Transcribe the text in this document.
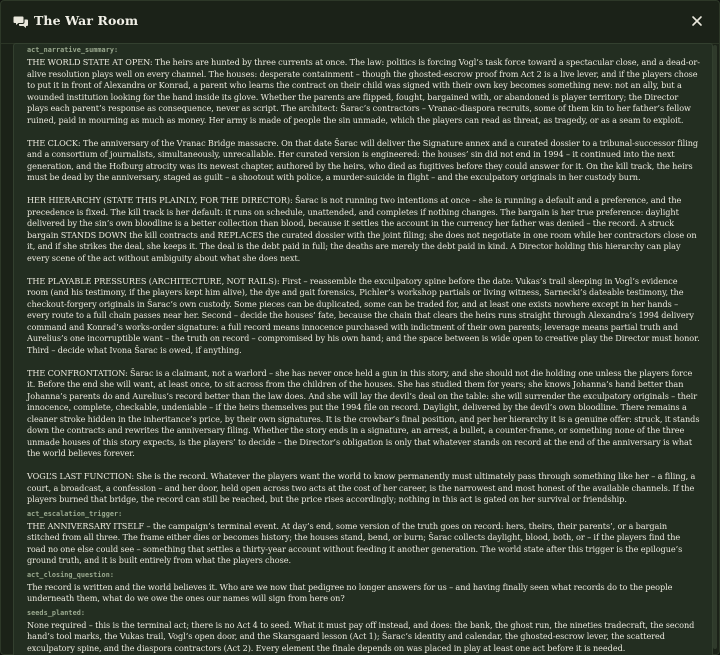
The War Room
act_narrative_summary:

THE WORLD STATE AT OPEN: The heirs are hunted by three currents at once. The law: politics is forcing Vogl’s task force toward a spectacular close, and a dead-or-alive resolution plays well on every channel. The houses: desperate containment – though the ghosted-escrow proof from Act 2 is a live lever, and if the players chose to put it in front of Alexandra or Konrad, a parent who learns the contract on their child was signed with their own key becomes something new: not an ally, but a wounded institution looking for the hand inside its glove. Whether the parents are flipped, fought, bargained with, or abandoned is player territory; the Director plays each parent’s response as consequence, never as script. The architect: Šarac’s contractors – Vranac-diaspora recruits, some of them kin to her father’s fellow ruined, paid in mourning as much as money. Her army is made of people the sin unmade, which the players can read as threat, as tragedy, or as a seam to exploit.

THE CLOCK: The anniversary of the Vranac Bridge massacre. On that date Šarac will deliver the Signature annex and a curated dossier to a tribunal-successor filing and a consortium of journalists, simultaneously, unrecallable. Her curated version is engineered: the houses’ sin did not end in 1994 – it continued into the next generation, and the Hofburg atrocity was its newest chapter, authored by the heirs, who died as fugitives before they could answer for it. On the kill track, the heirs must be dead by the anniversary, staged as guilt – a shootout with police, a murder-suicide in flight – and the exculpatory originals in her custody burn.

HER HIERARCHY (STATE THIS PLAINLY, FOR THE DIRECTOR): Šarac is not running two intentions at once – she is running a default and a preference, and the precedence is fixed. The kill track is her default: it runs on schedule, unattended, and completes if nothing changes. The bargain is her true preference: daylight delivered by the sin’s own bloodline is a better collection than blood, because it settles the account in the currency her father was denied – the record. A struck bargain STANDS DOWN the kill contracts and REPLACES the curated dossier with the joint filing; she does not negotiate in one room while her contractors close on it, and if she strikes the deal, she keeps it. The deal is the debt paid in full; the deaths are merely the debt paid in kind. A Director holding this hierarchy can play every scene of the act without ambiguity about what she does next.

THE PLAYABLE PRESSURES (ARCHITECTURE, NOT RAILS): First – reassemble the exculpatory spine before the date: Vukas’s trail sleeping in Vogl’s evidence room (and his testimony, if the players kept him alive), the dye and gait forensics, Pichler’s workshop partials or living witness, Sarnecki’s dateable testimony, the checkout-forgery originals in Šarac’s own custody. Some pieces can be duplicated, some can be traded for, and at least one exists nowhere except in her hands – every route to a full chain passes near her. Second – decide the houses’ fate, because the chain that clears the heirs runs straight through Alexandra’s 1994 delivery command and Konrad’s works-order signature: a full record means innocence purchased with indictment of their own parents; leverage means partial truth and Aurelius’s one incorruptible want – the truth on record – compromised by his own hand; and the space between is wide open to creative play the Director must honor. Third – decide what Ivona Šarac is owed, if anything.

THE CONFRONTATION: Šarac is a claimant, not a warlord – she has never once held a gun in this story, and she should not die holding one unless the players force it. Before the end she will want, at least once, to sit across from the children of the houses. She has studied them for years; she knows Johanna’s hand better than Johanna’s parents do and Aurelius’s record better than the law does. And she will lay the devil’s deal on the table: she will surrender the exculpatory originals – their innocence, complete, checkable, undeniable – if the heirs themselves put the 1994 file on record. Daylight, delivered by the devil’s own bloodline. There remains a cleaner stroke hidden in the inheritance’s price, by their own signatures. It is the crowbar’s final position, and per her hierarchy it is a genuine offer: struck, it stands down the contracts and rewrites the anniversary filing. Whether the story ends in a signature, an arrest, a bullet, a counter-frame, or something none of the three unmade houses of this story expects, is the players’ to decide – the Director’s obligation is only that whatever stands on record at the end of the anniversary is what the world believes forever.

VOGL’S LAST FUNCTION: She is the record. Whatever the players want the world to know permanently must ultimately pass through something like her – a filing, a court, a broadcast, a confession – and her door, held open across two acts at the cost of her career, is the narrowest and most honest of the available channels. If the players burned that bridge, the record can still be reached, but the price rises accordingly; nothing in this act is gated on her survival or friendship.

act_escalation_trigger:

THE ANNIVERSARY ITSELF – the campaign’s terminal event. At day’s end, some version of the truth goes on record: hers, theirs, their parents’, or a bargain stitched from all three. The frame either dies or becomes history; the houses stand, bend, or burn; Šarac collects daylight, blood, both, or – if the players find the road no one else could see – something that settles a thirty-year account without feeding it another generation. The world state after this trigger is the epilogue’s ground truth, and it is built entirely from what the players chose.

act_closing_question:

The record is written and the world believes it. Who are we now that pedigree no longer answers for us – and having finally seen what records do to the people underneath them, what do we owe the ones our names will sign from here on?

seeds_planted:

None required – this is the terminal act; there is no Act 4 to seed. What it must pay off instead, and does: the bank, the ghost run, the nineties tradecraft, the second hand’s tool marks, the Vukas trail, Vogl’s open door, and the Skarsgaard lesson (Act 1); Šarac’s identity and calendar, the ghosted-escrow lever, the scattered exculpatory spine, and the diaspora contractors (Act 2). Every element the finale depends on was placed in play at least one act before it is needed.
